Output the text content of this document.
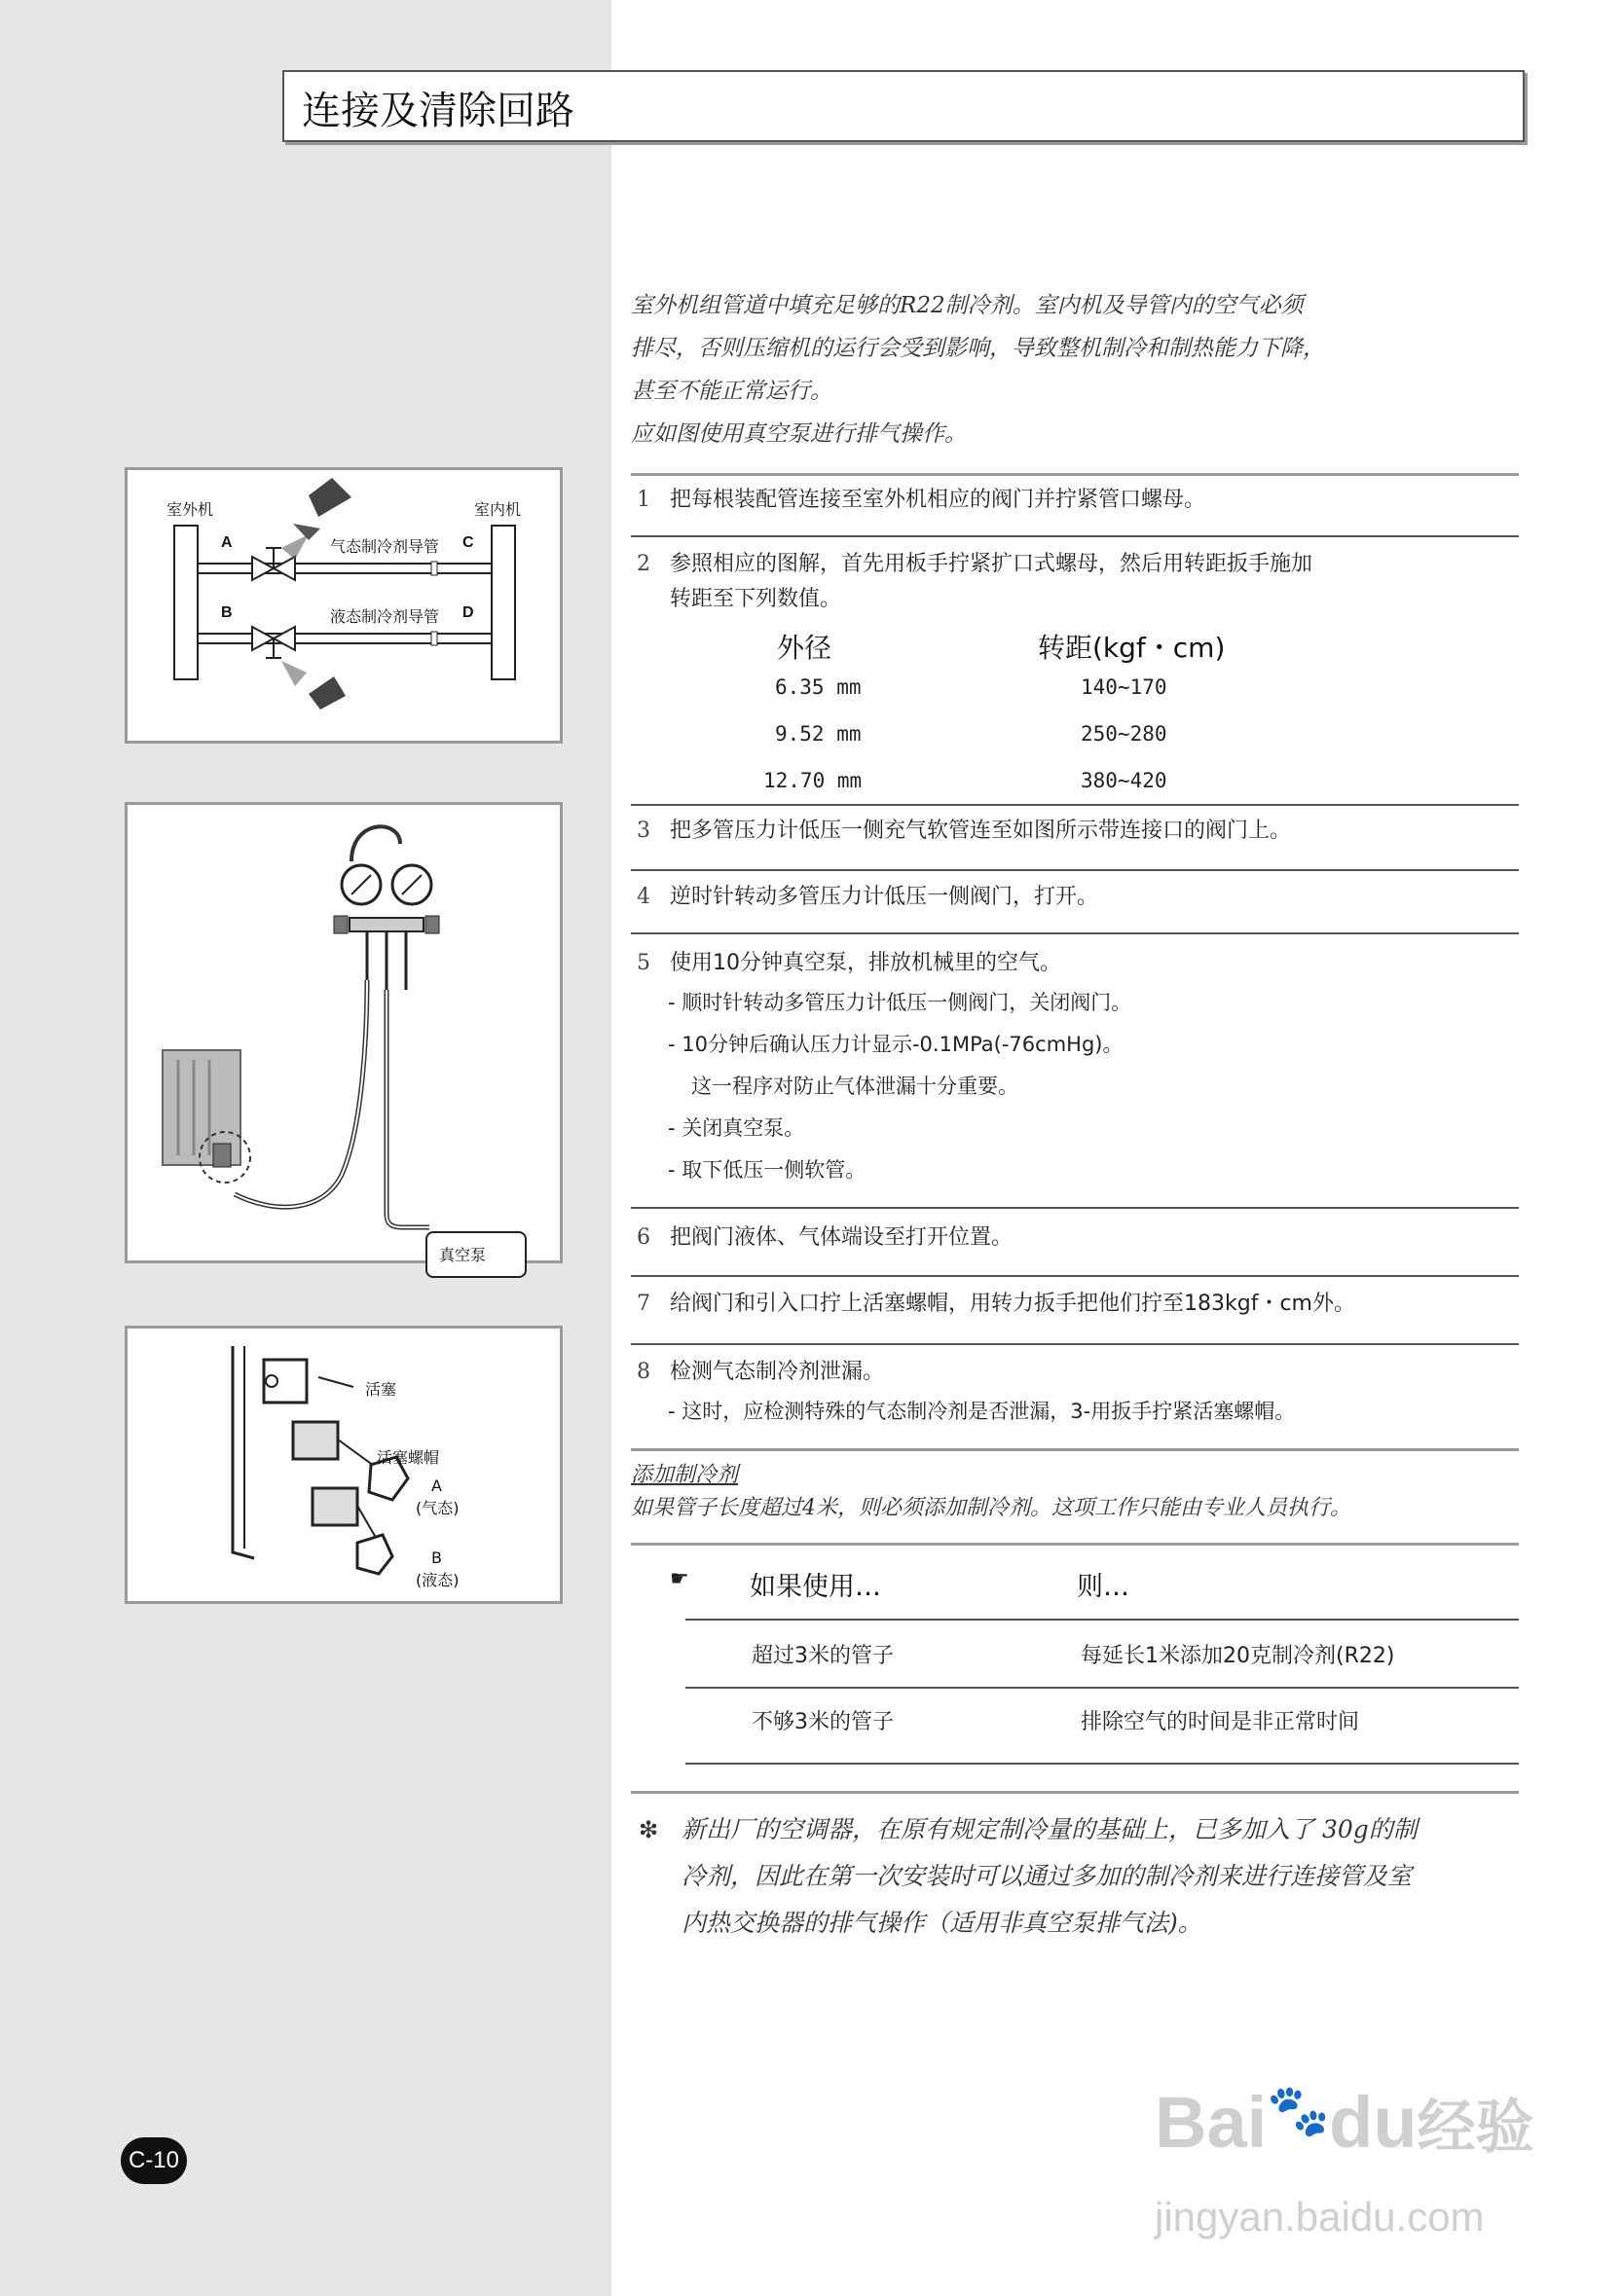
连接及清除回路
室外机组管道中填充足够的R22制冷剂。室内机及导管内的空气必须
排尽，否则压缩机的运行会受到影响，导致整机制冷和制热能力下降，
甚至不能正常运行。
应如图使用真空泵进行排气操作。
1 把每根装配管连接至室外机相应的阀门并拧紧管口螺母。
2 参照相应的图解，首先用板手拧紧扩口式螺母，然后用转距扳手施加
转距至下列数值。
外径	转距(kgf・cm)
6.35 mm	140~170
9.52 mm	250~280
12.70 mm	380~420
3 把多管压力计低压一侧充气软管连至如图所示带连接口的阀门上。
4 逆时针转动多管压力计低压一侧阀门，打开。
5 使用10分钟真空泵，排放机械里的空气。
- 顺时针转动多管压力计低压一侧阀门，关闭阀门。
- 10分钟后确认压力计显示-0.1MPa(-76cmHg)。
这一程序对防止气体泄漏十分重要。
- 关闭真空泵。
- 取下低压一侧软管。
6 把阀门液体、气体端设至打开位置。
7 给阀门和引入口拧上活塞螺帽，用转力扳手把他们拧至183kgf・cm外。
8 检测气态制冷剂泄漏。
- 这时，应检测特殊的气态制冷剂是否泄漏，3-用扳手拧紧活塞螺帽。
添加制冷剂
如果管子长度超过4米，则必须添加制冷剂。这项工作只能由专业人员执行。
☛ 如果使用…	则…
超过3米的管子	每延长1米添加20克制冷剂(R22)
不够3米的管子	排除空气的时间是非正常时间
❇ 新出厂的空调器，在原有规定制冷量的基础上，已多加入了 30g的制
冷剂，因此在第一次安装时可以通过多加的制冷剂来进行连接管及室
内热交换器的排气操作（适用非真空泵排气法)。
室外机	室内机
气态制冷剂导管
液态制冷剂导管
A
B
C
D
真空泵
活塞
活塞螺帽
A
(气态)
B
(液态)
C-10	Bai🐾du经验
jingyan.baidu.com
